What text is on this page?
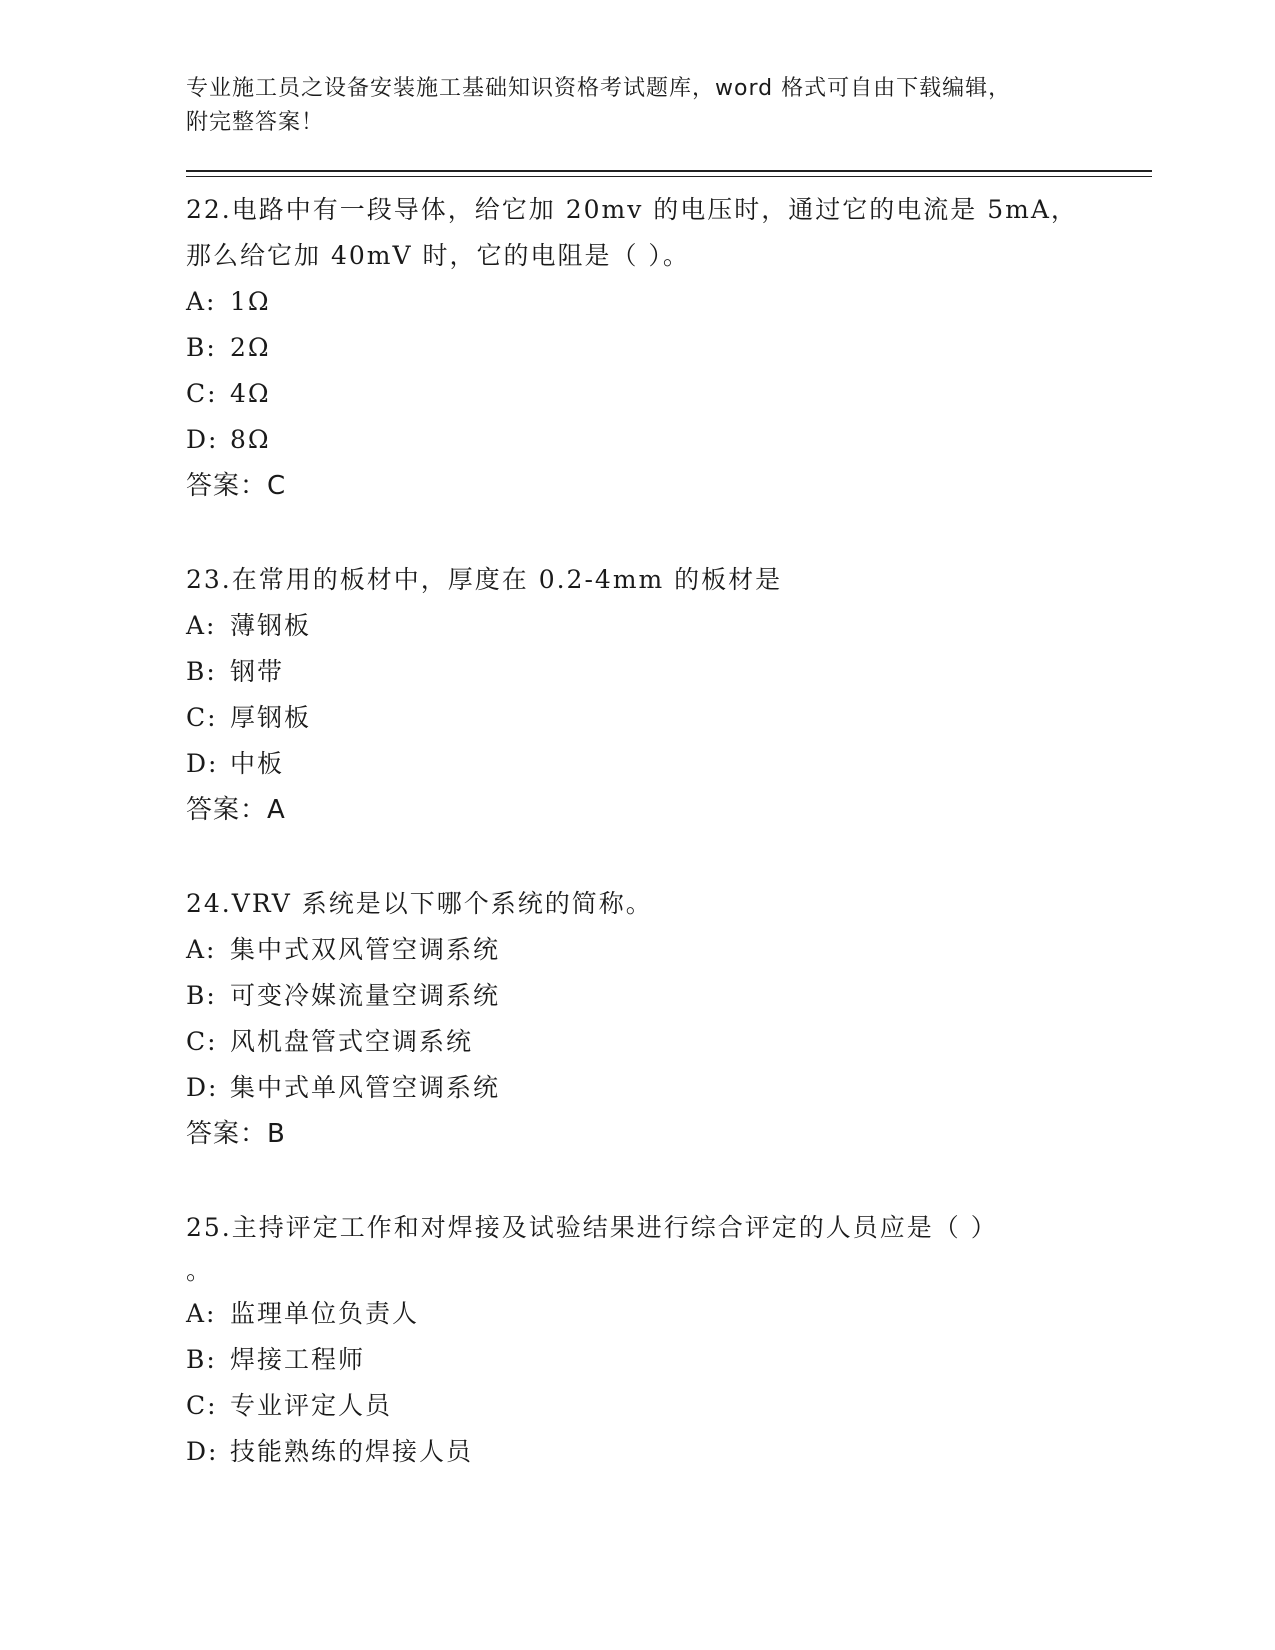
专业施工员之设备安装施工基础知识资格考试题库，word 格式可自由下载编辑，

附完整答案！

22.电路中有一段导体，给它加 20mv 的电压时，通过它的电流是 5mA，

那么给它加 40mV 时，它的电阻是（ ）。

A: 1Ω
B: 2Ω
C: 4Ω
D: 8Ω

答案：C

23.在常用的板材中，厚度在 0.2-4mm 的板材是

A: 薄钢板
B: 钢带
C: 厚钢板
D: 中板

答案：A

24.VRV 系统是以下哪个系统的简称。

A: 集中式双风管空调系统
B: 可变冷媒流量空调系统
C: 风机盘管式空调系统
D: 集中式单风管空调系统

答案：B

25.主持评定工作和对焊接及试验结果进行综合评定的人员应是（ ）

。

A: 监理单位负责人
B: 焊接工程师
C: 专业评定人员
D: 技能熟练的焊接人员
